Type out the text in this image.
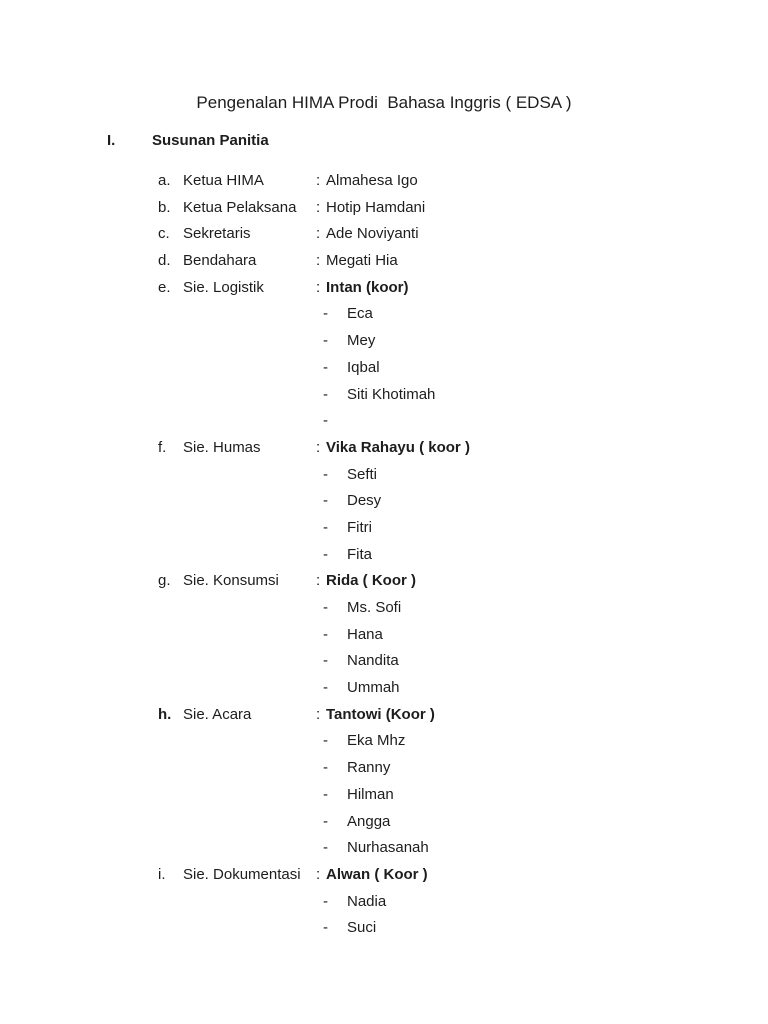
Pengenalan HIMA Prodi  Bahasa Inggris ( EDSA )
I.	Susunan Panitia
a. Ketua HIMA	: Almahesa Igo
b. Ketua Pelaksana	: Hotip Hamdani
c. Sekretaris	: Ade Noviyanti
d. Bendahara	: Megati Hia
e. Sie. Logistik	: Intan (koor)
-	Eca
-	Mey
-	Iqbal
-	Siti Khotimah
-
f.	Sie. Humas	: Vika Rahayu ( koor )
-	Sefti
-	Desy
-	Fitri
-	Fita
g. Sie. Konsumsi	: Rida ( Koor )
-	Ms. Sofi
-	Hana
-	Nandita
-	Ummah
h. Sie. Acara	: Tantowi (Koor )
-	Eka Mhz
-	Ranny
-	Hilman
-	Angga
-	Nurhasanah
i.	Sie. Dokumentasi	: Alwan ( Koor )
-	Nadia
-	Suci
